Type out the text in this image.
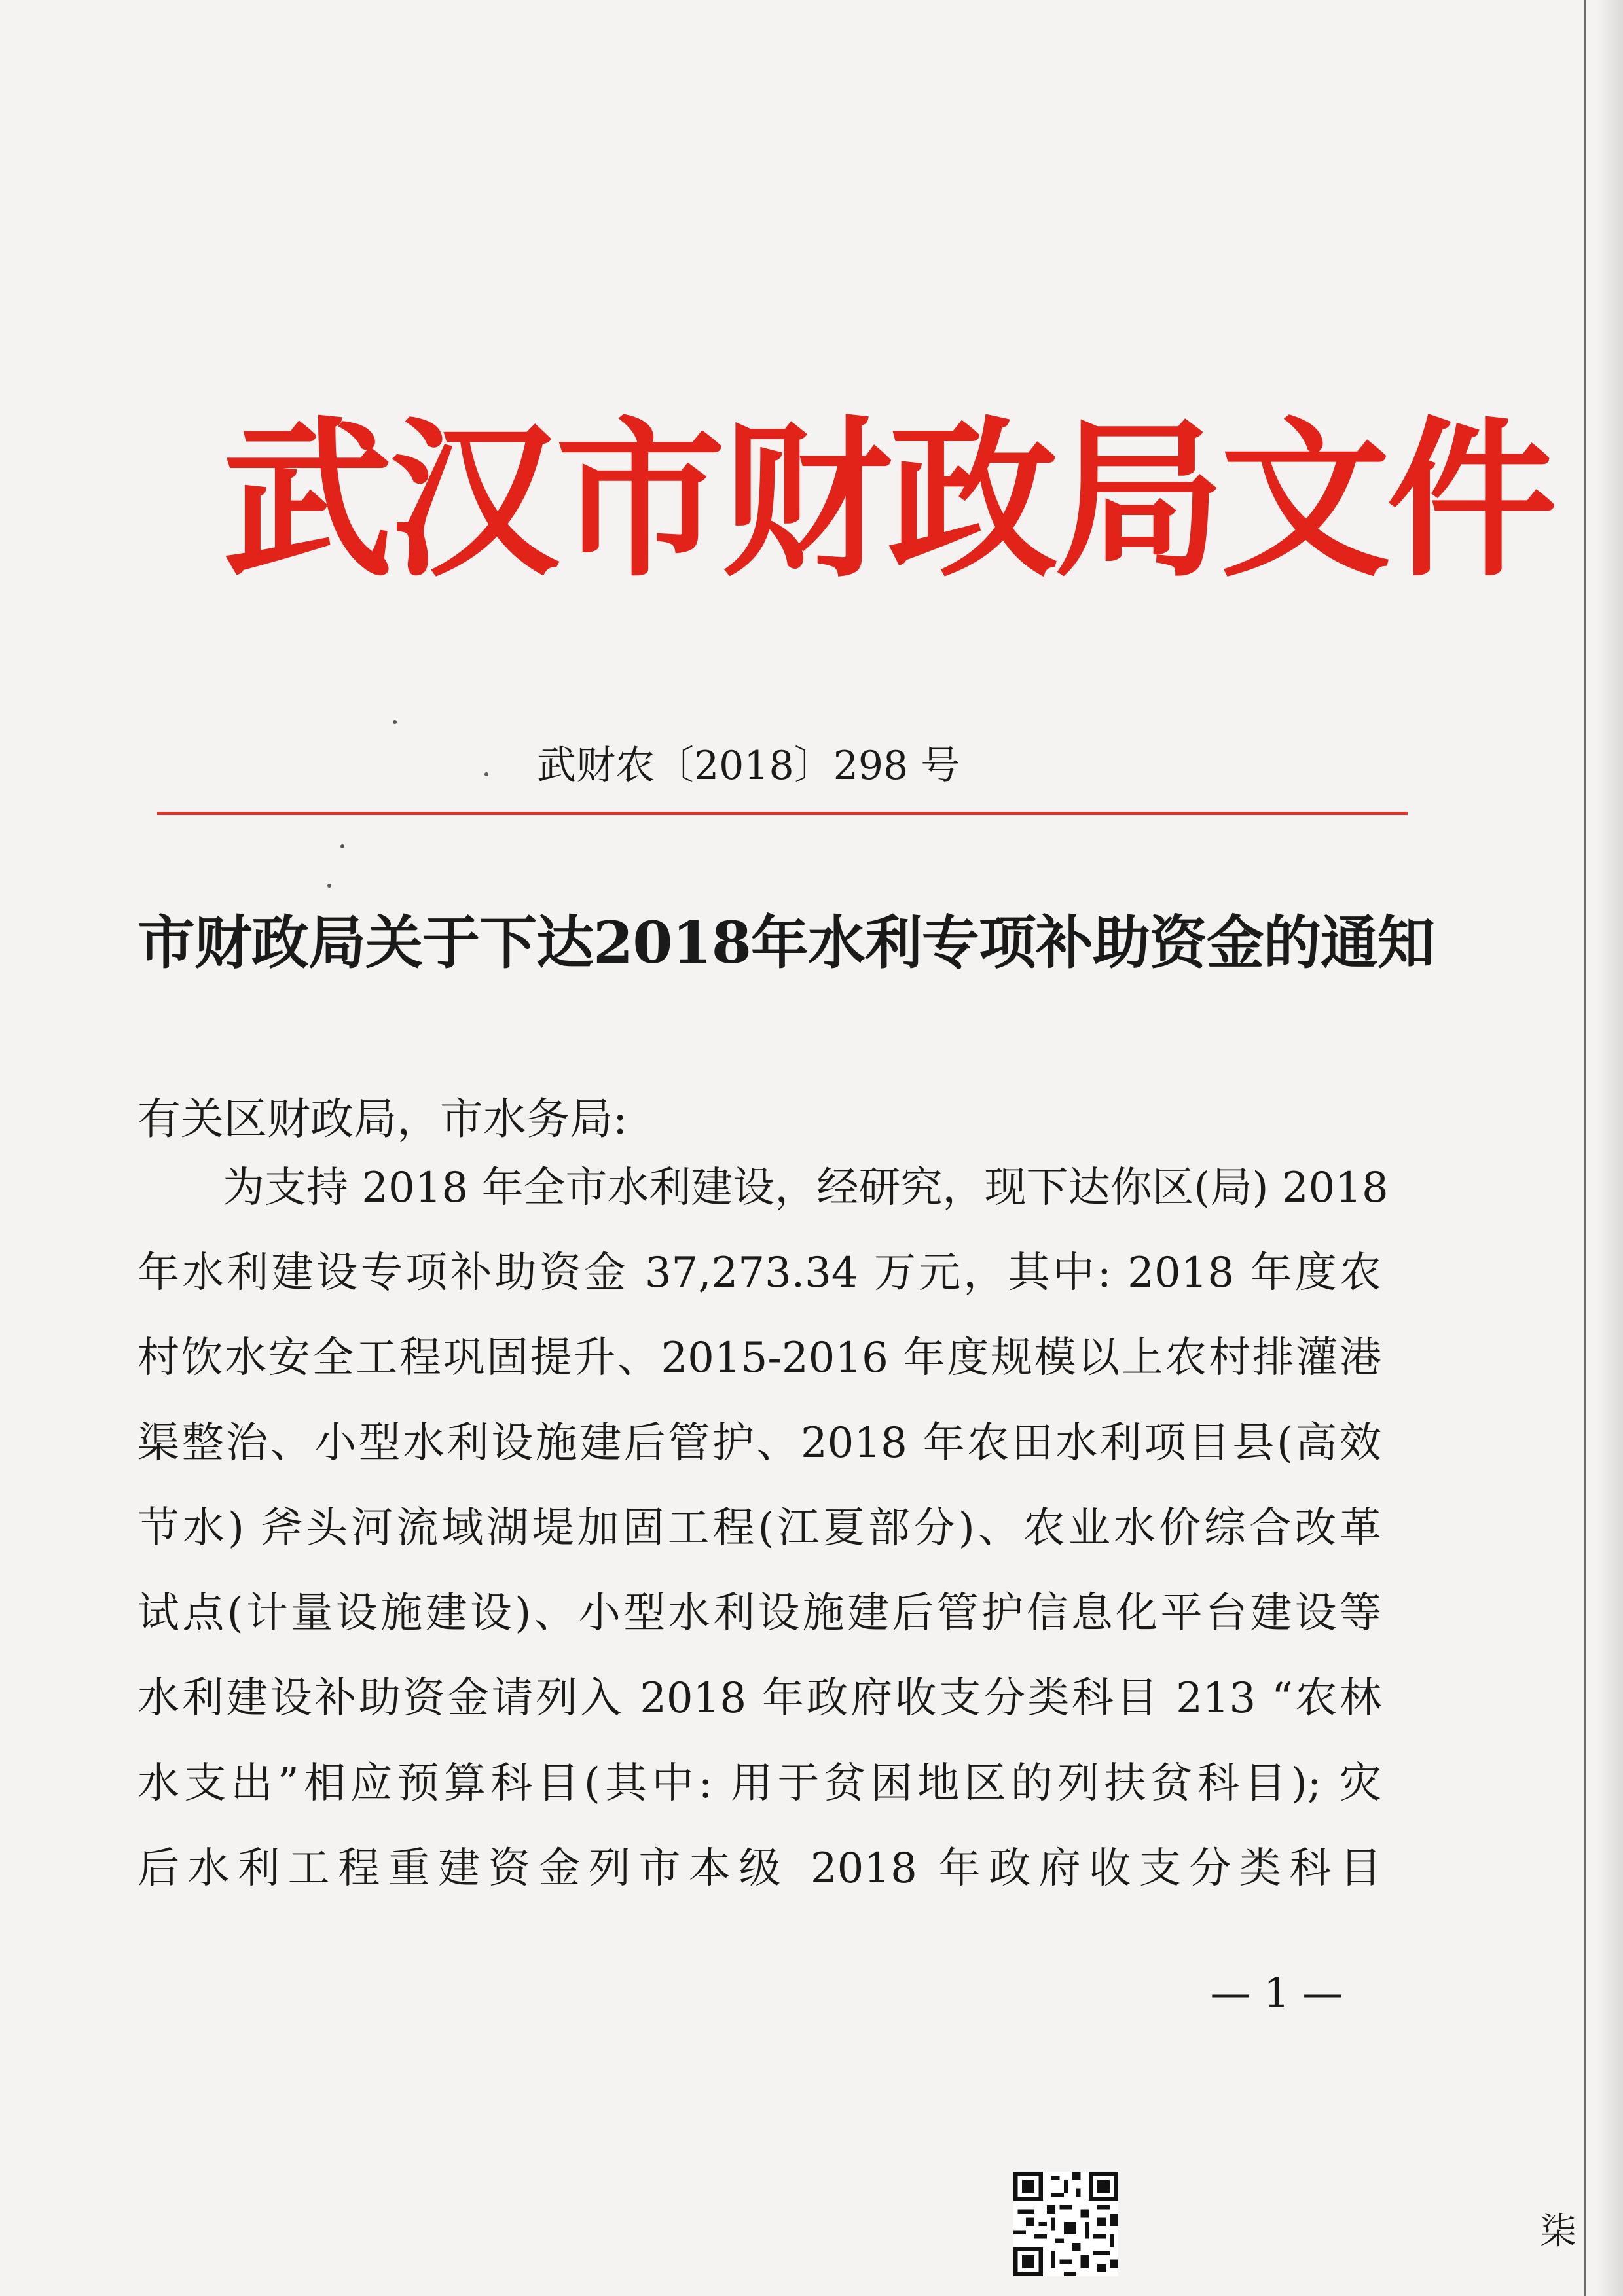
武汉市财政局文件
武财农〔2018〕298 号
市财政局关于下达2018年水利专项补助资金的通知
有关区财政局，市水务局:
为支持 2018 年全市水利建设，经研究，现下达你区(局) 2018
年水利建设专项补助资金 37,273.34 万元，其中: 2018 年度农
村饮水安全工程巩固提升、2015-2016 年度规模以上农村排灌港
渠整治、小型水利设施建后管护、2018 年农田水利项目县(高效
节水) 斧头河流域湖堤加固工程(江夏部分)、农业水价综合改革
试点(计量设施建设)、小型水利设施建后管护信息化平台建设等
水利建设补助资金请列入 2018 年政府收支分类科目 213 “农林
水支出”相应预算科目(其中: 用于贫困地区的列扶贫科目); 灾
后水利工程重建资金列市本级 2018 年政府收支分类科目
— 1 —
柒
